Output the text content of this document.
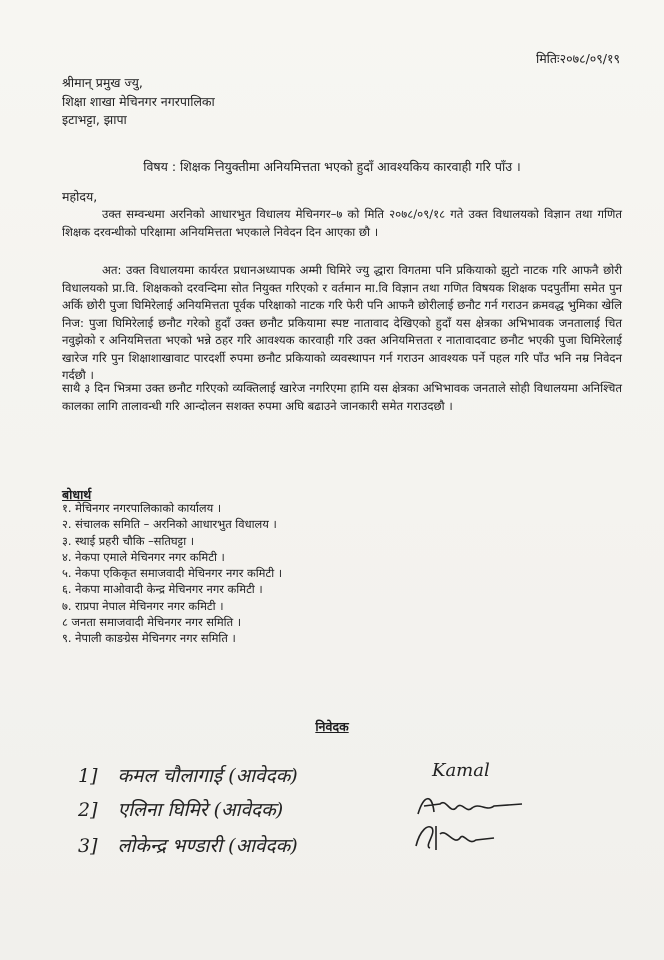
मितिः२०७८/०९/१९
श्रीमान् प्रमुख ज्यु,
शिक्षा शाखा मेचिनगर नगरपालिका
इटाभट्टा, झापा
विषय : शिक्षक नियुक्तीमा अनियमित्तता भएको हुदाँ आवश्यकिय कारवाही गरि पाँउ ।
महोदय,
उक्त सम्वन्धमा अरनिको आधारभुत विधालय मेचिनगर–७ को मिति २०७८/०९/१८ गते उक्त विधालयको विज्ञान तथा गणित शिक्षक दरवन्धीको परिक्षामा अनियमित्तता भएकाले निवेदन दिन आएका छौ ।
अत: उक्त विधालयमा कार्यरत प्रधानअध्यापक अम्मी घिमिरे ज्यु द्धारा विगतमा पनि प्रकियाको झुटो नाटक गरि आफनै छोरी विधालयको प्रा.वि. शिक्षकको दरवन्दिमा सोत नियुक्त गरिएको र वर्तमान मा.वि विज्ञान तथा गणित विषयक शिक्षक पदपुर्तीमा समेत पुन अर्कि छोरी पुजा घिमिरेलाई अनियमित्तता पूर्वक परिक्षाको नाटक गरि फेरी पनि आफनै छोरीलाई छनौट गर्न गराउन क्रमवद्ध भुमिका खेलि निज: पुजा घिमिरेलाई छनौट गरेको हुदाँ उक्त छनौट प्रकियामा स्पष्ट नातावाद देखिएको हुदाँ यस क्षेत्रका अभिभावक जनतालाई चित नवुझेको र अनियमित्तता भएको भन्ने ठहर गरि आवश्यक कारवाही गरि उक्त अनियमित्तता र नातावादवाट छनौट भएकी पुजा घिमिरेलाई खारेज गरि पुन शिक्षाशाखावाट पारदर्शी रुपमा छनौट प्रकियाको व्यवस्थापन गर्न गराउन आवश्यक पर्ने पहल गरि पाँउ भनि नम्र निवेदन गर्दछौ ।
साथै ३ दिन भित्रमा उक्त छनौट गरिएको व्यक्तिलाई खारेज नगरिएमा हामि यस क्षेत्रका अभिभावक जनताले सोही विधालयमा अनिश्चित कालका लागि तालावन्धी गरि आन्दोलन सशक्त रुपमा अघि बढाउने जानकारी समेत गराउदछौ ।
बोधार्थ
१. मेचिनगर नगरपालिकाको कार्यालय ।
२. संचालक समिति – अरनिको आधारभुत विधालय ।
३. स्थाई प्रहरी चौकि –सतिघट्टा ।
४. नेकपा एमाले मेचिनगर नगर कमिटी ।
५. नेकपा एकिकृत समाजवादी मेचिनगर नगर कमिटी ।
६. नेकपा माओवादी केन्द्र मेचिनगर नगर कमिटी ।
७. राप्रपा नेपाल मेचिनगर नगर कमिटी ।
८ जनता समाजवादी मेचिनगर नगर समिति ।
९. नेपाली काङग्रेस मेचिनगर नगर समिति ।
निवेदक
1] कमल चौलागाई (आवेदक)
2] एलिना घिमिरे (आवेदक)
3] लोकेन्द्र भण्डारी (आवेदक)
Kamal
